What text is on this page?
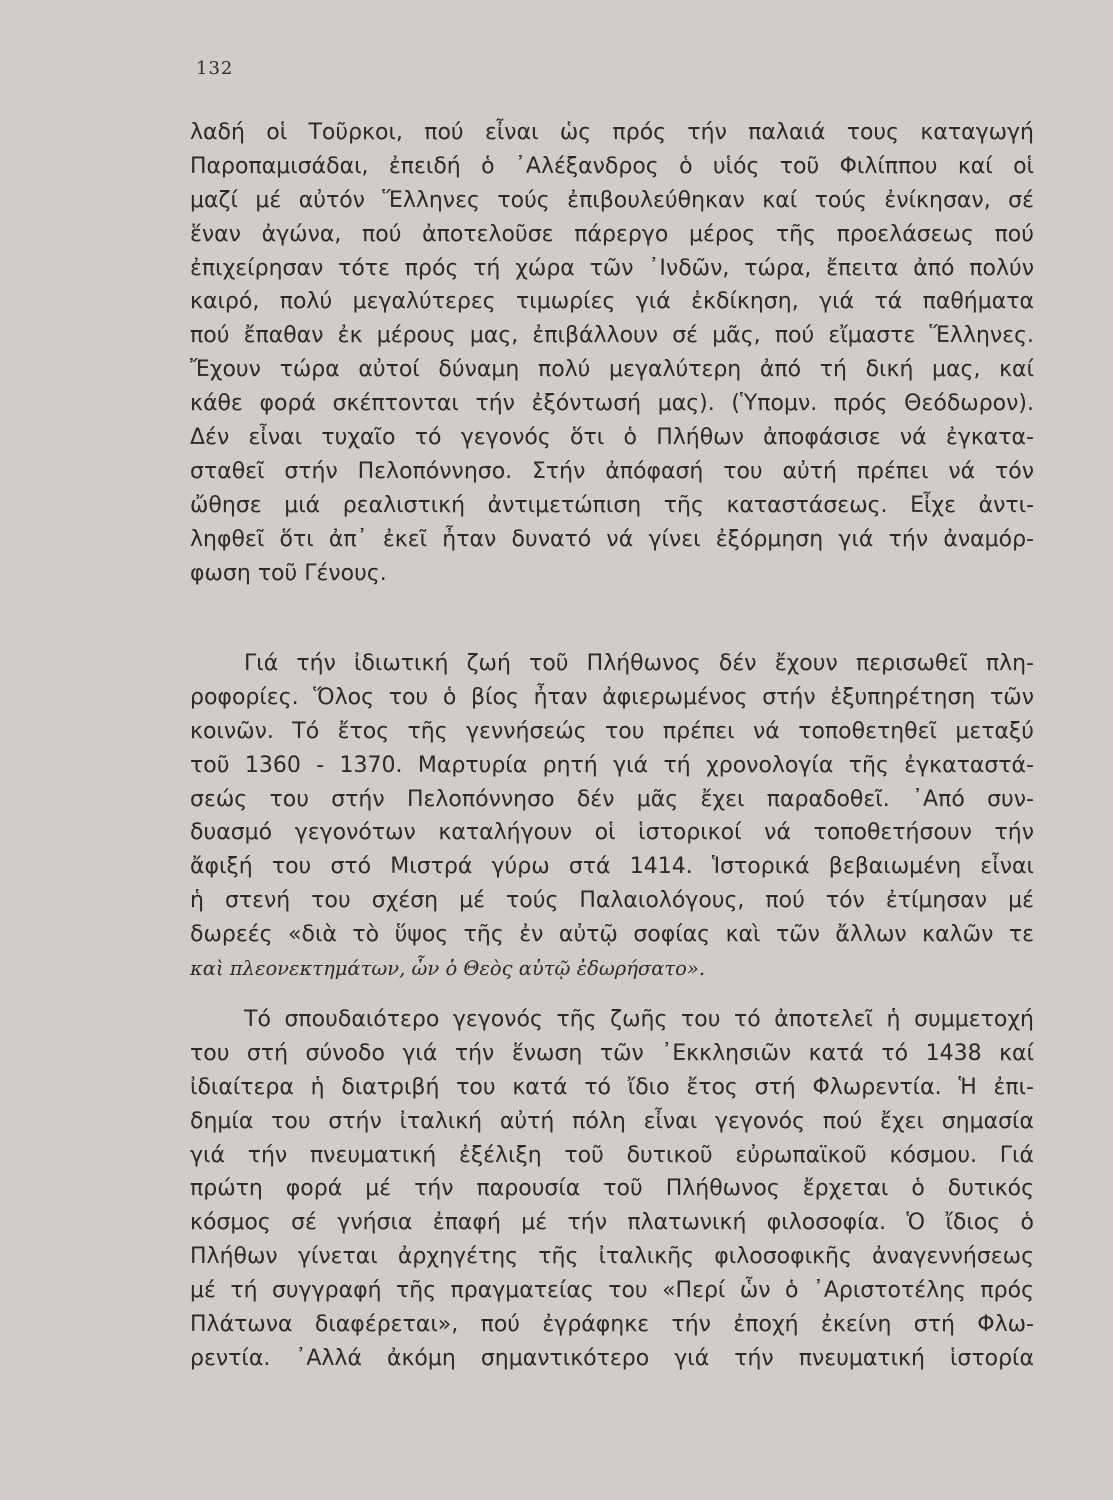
132
λαδή οἱ Τοῦρκοι, πού εἶναι ὡς πρός τήν παλαιά τους καταγωγή
Παροπαμισάδαι, ἐπειδή ὁ ᾽Αλέξανδρος ὁ υἱός τοῦ Φιλίππου καί οἱ
μαζί μέ αὐτόν Ἕλληνες τούς ἐπιβουλεύθηκαν καί τούς ἐνίκησαν, σέ
ἕναν ἀγώνα, πού ἀποτελοῦσε πάρεργο μέρος τῆς προελάσεως πού
ἐπιχείρησαν τότε πρός τή χώρα τῶν ᾽Ινδῶν, τώρα, ἔπειτα ἀπό πολύν
καιρό, πολύ μεγαλύτερες τιμωρίες γιά ἐκδίκηση, γιά τά παθήματα
πού ἔπαθαν ἐκ μέρους μας, ἐπιβάλλουν σέ μᾶς, πού εἴμαστε Ἕλληνες.
Ἔχουν τώρα αὐτοί δύναμη πολύ μεγαλύτερη ἀπό τή δική μας, καί
κάθε φορά σκέπτονται τήν ἐξόντωσή μας). (Ὑπομν. πρός Θεόδωρον).
Δέν εἶναι τυχαῖο τό γεγονός ὅτι ὁ Πλήθων ἀποφάσισε νά ἐγκατα-
σταθεῖ στήν Πελοπόννησο. Στήν ἀπόφασή του αὐτή πρέπει νά τόν
ὤθησε μιά ρεαλιστική ἀντιμετώπιση τῆς καταστάσεως. Εἶχε ἀντι-
ληφθεῖ ὅτι ἀπ᾽ ἐκεῖ ἦταν δυνατό νά γίνει ἐξόρμηση γιά τήν ἀναμόρ-
φωση τοῦ Γένους.
Γιά τήν ἰδιωτική ζωή τοῦ Πλήθωνος δέν ἔχουν περισωθεῖ πλη-
ροφορίες. Ὅλος του ὁ βίος ἦταν ἀφιερωμένος στήν ἐξυπηρέτηση τῶν
κοινῶν. Τό ἔτος τῆς γεννήσεώς του πρέπει νά τοποθετηθεῖ μεταξύ
τοῦ 1360 - 1370. Μαρτυρία ρητή γιά τή χρονολογία τῆς ἐγκαταστά-
σεώς του στήν Πελοπόννησο δέν μᾶς ἔχει παραδοθεῖ. ᾽Από συν-
δυασμό γεγονότων καταλήγουν οἱ ἱστορικοί νά τοποθετήσουν τήν
ἄφιξή του στό Μιστρά γύρω στά 1414. Ἱστορικά βεβαιωμένη εἶναι
ἡ στενή του σχέση μέ τούς Παλαιολόγους, πού τόν ἐτίμησαν μέ
δωρεές «διὰ τὸ ὕψος τῆς ἐν αὐτῷ σοφίας καὶ τῶν ἄλλων καλῶν τε
καὶ πλεονεκτημάτων, ὧν ὁ Θεὸς αὐτῷ ἐδωρήσατο».
Τό σπουδαιότερο γεγονός τῆς ζωῆς του τό ἀποτελεῖ ἡ συμμετοχή
του στή σύνοδο γιά τήν ἕνωση τῶν ᾽Εκκλησιῶν κατά τό 1438 καί
ἰδιαίτερα ἡ διατριβή του κατά τό ἴδιο ἔτος στή Φλωρεντία. Ἡ ἐπι-
δημία του στήν ἰταλική αὐτή πόλη εἶναι γεγονός πού ἔχει σημασία
γιά τήν πνευματική ἐξέλιξη τοῦ δυτικοῦ εὐρωπαϊκοῦ κόσμου. Γιά
πρώτη φορά μέ τήν παρουσία τοῦ Πλήθωνος ἔρχεται ὁ δυτικός
κόσμος σέ γνήσια ἐπαφή μέ τήν πλατωνική φιλοσοφία. Ὁ ἴδιος ὁ
Πλήθων γίνεται ἀρχηγέτης τῆς ἰταλικῆς φιλοσοφικῆς ἀναγεννήσεως
μέ τή συγγραφή τῆς πραγματείας του «Περί ὧν ὁ ᾽Αριστοτέλης πρός
Πλάτωνα διαφέρεται», πού ἐγράφηκε τήν ἐποχή ἐκείνη στή Φλω-
ρεντία. ᾽Αλλά ἀκόμη σημαντικότερο γιά τήν πνευματική ἱστορία
